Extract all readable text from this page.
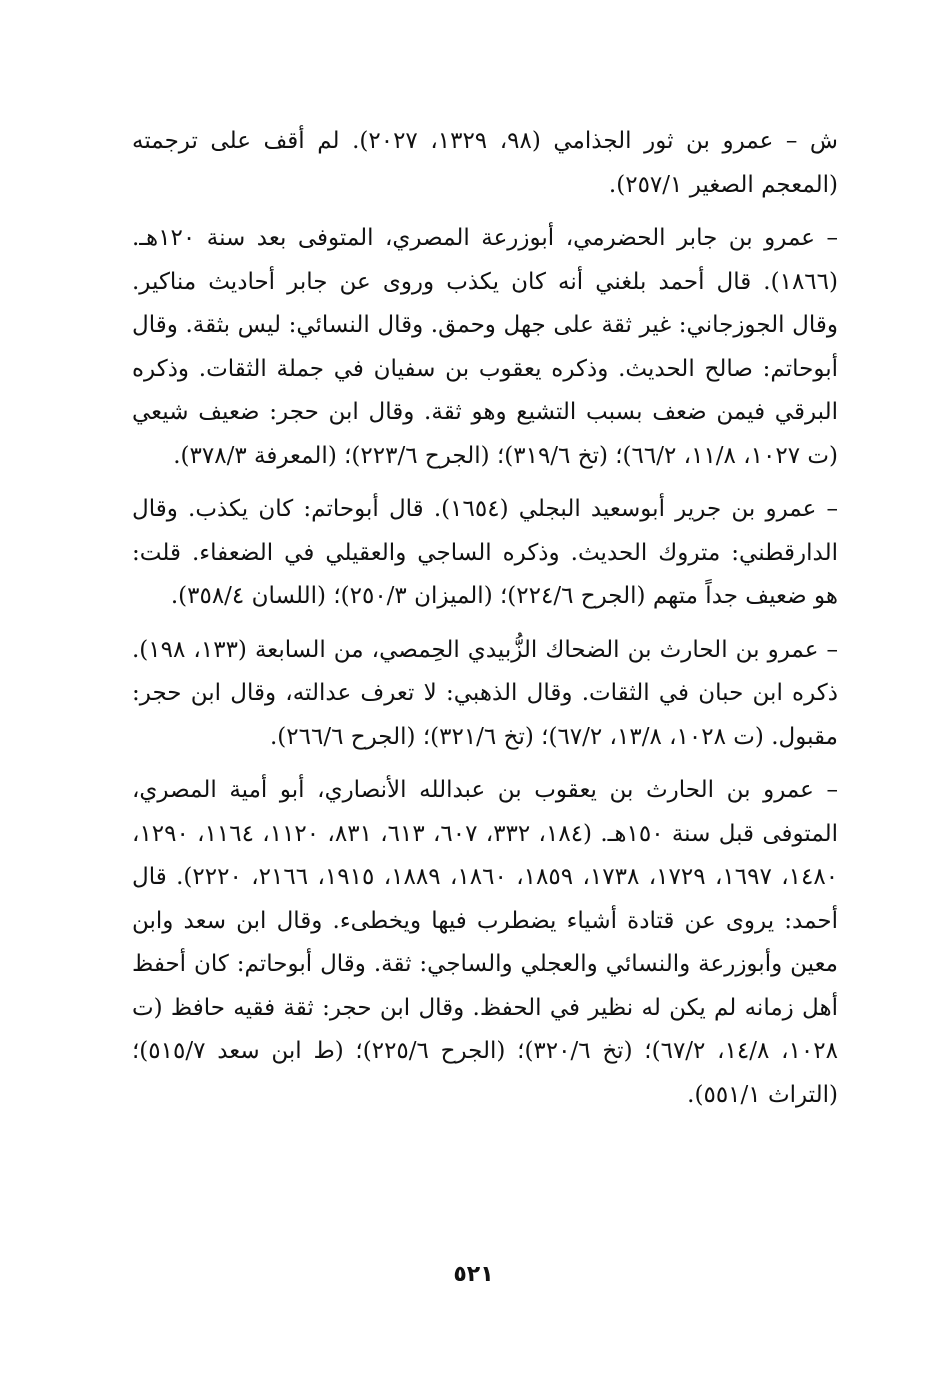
ش – عمرو بن ثور الجذامي (٩٨، ١٣٢٩، ٢٠٢٧). لم أقف على ترجمته (المعجم الصغير ٢٥٧/١).

– عمرو بن جابر الحضرمي، أبوزرعة المصري، المتوفى بعد سنة ١٢٠هـ. (١٨٦٦). قال أحمد بلغني أنه كان يكذب وروى عن جابر أحاديث مناكير. وقال الجوزجاني: غير ثقة على جهل وحمق. وقال النسائي: ليس بثقة. وقال أبوحاتم: صالح الحديث. وذكره يعقوب بن سفيان في جملة الثقات. وذكره البرقي فيمن ضعف بسبب التشيع وهو ثقة. وقال ابن حجر: ضعيف شيعي (ت ١٠٢٧، ١١/٨، ٦٦/٢)؛ (تخ ٣١٩/٦)؛ (الجرح ٢٢٣/٦)؛ (المعرفة ٣٧٨/٣).

– عمرو بن جرير أبوسعيد البجلي (١٦٥٤). قال أبوحاتم: كان يكذب. وقال الدارقطني: متروك الحديث. وذكره الساجي والعقيلي في الضعفاء. قلت: هو ضعيف جداً متهم (الجرح ٢٢٤/٦)؛ (الميزان ٢٥٠/٣)؛ (اللسان ٣٥٨/٤).

– عمرو بن الحارث بن الضحاك الزُّبيدي الحِمصي، من السابعة (١٣٣، ١٩٨). ذكره ابن حبان في الثقات. وقال الذهبي: لا تعرف عدالته، وقال ابن حجر: مقبول. (ت ١٠٢٨، ١٣/٨، ٦٧/٢)؛ (تخ ٣٢١/٦)؛ (الجرح ٢٦٦/٦).

– عمرو بن الحارث بن يعقوب بن عبدالله الأنصاري، أبو أمية المصري، المتوفى قبل سنة ١٥٠هـ. (١٨٤، ٣٣٢، ٦٠٧، ٦١٣، ٨٣١، ١١٢٠، ١١٦٤، ١٢٩٠، ١٤٨٠، ١٦٩٧، ١٧٢٩، ١٧٣٨، ١٨٥٩، ١٨٦٠، ١٨٨٩، ١٩١٥، ٢١٦٦، ٢٢٢٠). قال أحمد: يروى عن قتادة أشياء يضطرب فيها ويخطىء. وقال ابن سعد وابن معين وأبوزرعة والنسائي والعجلي والساجي: ثقة. وقال أبوحاتم: كان أحفظ أهل زمانه لم يكن له نظير في الحفظ. وقال ابن حجر: ثقة فقيه حافظ (ت ١٠٢٨، ١٤/٨، ٦٧/٢)؛ (تخ ٣٢٠/٦)؛ (الجرح ٢٢٥/٦)؛ (ط ابن سعد ٥١٥/٧)؛ (التراث ٥٥١/١).

٥٢١
